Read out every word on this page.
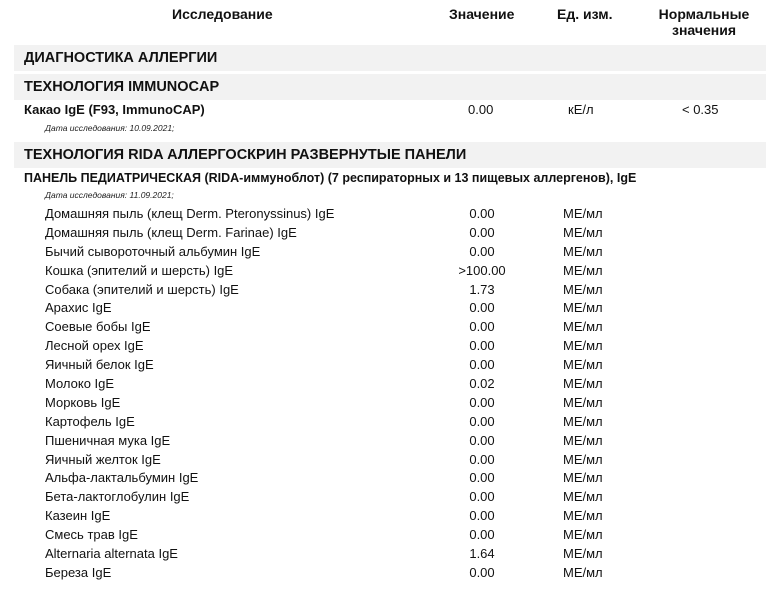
Исследование	Значение	Ед. изм.	Нормальные значения
ДИАГНОСТИКА АЛЛЕРГИИ
ТЕХНОЛОГИЯ IMMUNOCAP
Какао IgE (F93, ImmunoCAP)	0.00	кЕ/л	< 0.35
Дата исследования: 10.09.2021;
ТЕХНОЛОГИЯ RIDA АЛЛЕРГОСКРИН РАЗВЕРНУТЫЕ ПАНЕЛИ
ПАНЕЛЬ ПЕДИАТРИЧЕСКАЯ (RIDA-иммуноблот) (7 респираторных и 13 пищевых аллергенов), IgE
Дата исследования: 11.09.2021;
Домашняя пыль (клещ Derm. Pteronyssinus) IgE	0.00	МЕ/мл
Домашняя пыль (клещ Derm. Farinae) IgE	0.00	МЕ/мл
Бычий сывороточный альбумин IgE	0.00	МЕ/мл
Кошка (эпителий и шерсть) IgE	>100.00	МЕ/мл
Собака (эпителий и шерсть) IgE	1.73	МЕ/мл
Арахис IgE	0.00	МЕ/мл
Соевые бобы IgE	0.00	МЕ/мл
Лесной орех IgE	0.00	МЕ/мл
Яичный белок IgE	0.00	МЕ/мл
Молоко IgE	0.02	МЕ/мл
Морковь IgE	0.00	МЕ/мл
Картофель IgE	0.00	МЕ/мл
Пшеничная мука IgE	0.00	МЕ/мл
Яичный желток IgE	0.00	МЕ/мл
Альфа-лактальбумин IgE	0.00	МЕ/мл
Бета-лактоглобулин IgE	0.00	МЕ/мл
Казеин IgE	0.00	МЕ/мл
Смесь трав IgE	0.00	МЕ/мл
Alternaria alternata IgE	1.64	МЕ/мл
Береза IgE	0.00	МЕ/мл
